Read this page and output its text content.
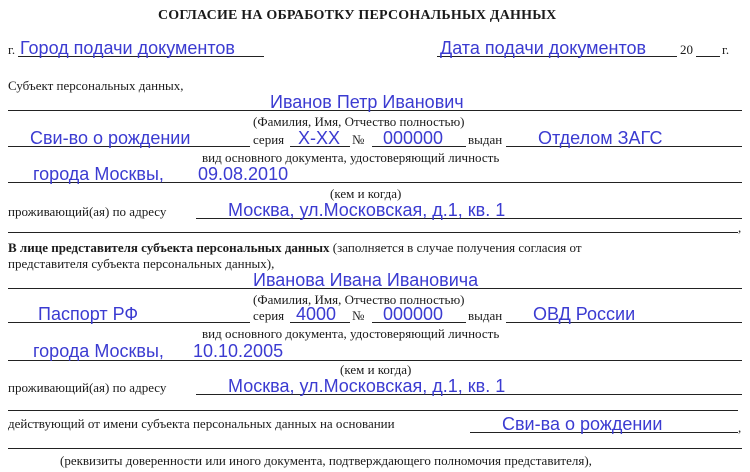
СОГЛАСИЕ НА ОБРАБОТКУ ПЕРСОНАЛЬНЫХ ДАННЫХ
г. Город подачи документов	Дата подачи документов	20 г.
Субъект персональных данных,
Иванов Петр Иванович
(Фамилия, Имя, Отчество полностью)
Сви-во о рождении	серия X-XX № 000000 выдан Отделом ЗАГС
вид основного документа, удостоверяющий личность
города Москвы, 09.08.2010
(кем и когда)
проживающий(ая) по адресу	Москва, ул.Московская, д.1, кв. 1
,
В лице представителя субъекта персональных данных (заполняется в случае получения согласия от
представителя субъекта персональных данных),
Иванова Ивана Ивановича
(Фамилия, Имя, Отчество полностью)
Паспорт РФ	серия 4000 № 000000 выдан ОВД России
вид основного документа, удостоверяющий личность
города Москвы, 10.10.2005
(кем и когда)
проживающий(ая) по адресу	Москва, ул.Московская, д.1, кв. 1
действующий от имени субъекта персональных данных на основании	Сви-ва о рождении	,
(реквизиты доверенности или иного документа, подтверждающего полномочия представителя),
